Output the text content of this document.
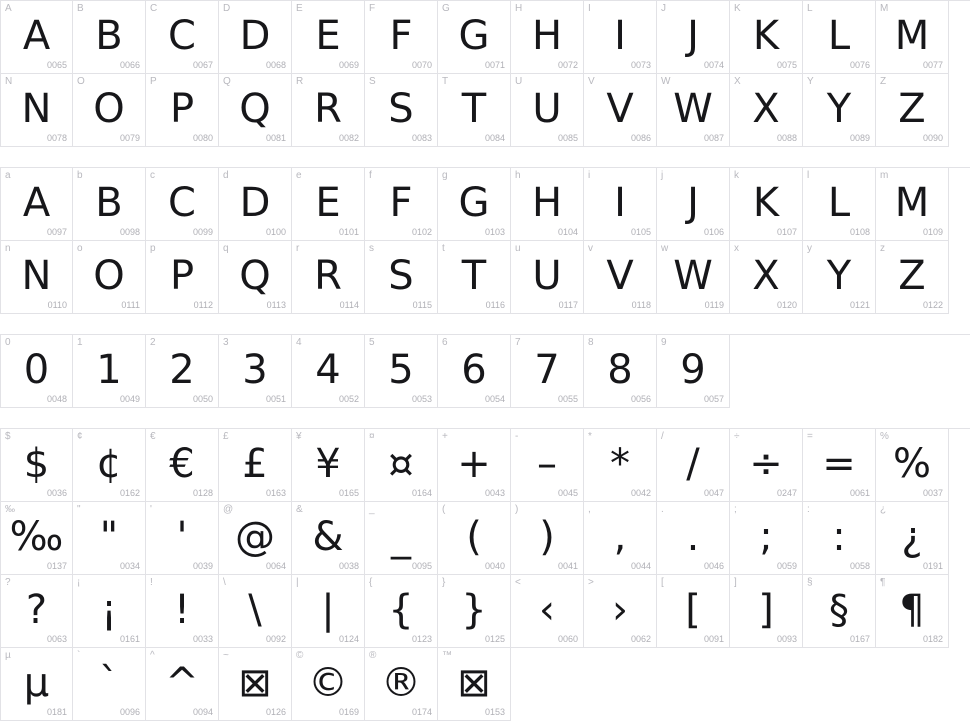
A
A
0065
B
B
0066
C
C
0067
D
D
0068
E
E
0069
F
F
0070
G
G
0071
H
H
0072
I
I
0073
J
J
0074
K
K
0075
L
L
0076
M
M
0077
N
N
0078
O
O
0079
P
P
0080
Q
Q
0081
R
R
0082
S
S
0083
T
T
0084
U
U
0085
V
V
0086
W
W
0087
X
X
0088
Y
Y
0089
Z
Z
0090
a
A
0097
b
B
0098
c
C
0099
d
D
0100
e
E
0101
f
F
0102
g
G
0103
h
H
0104
i
I
0105
j
J
0106
k
K
0107
l
L
0108
m
M
0109
n
N
0110
o
O
0111
p
P
0112
q
Q
0113
r
R
0114
s
S
0115
t
T
0116
u
U
0117
v
V
0118
w
W
0119
x
X
0120
y
Y
0121
z
Z
0122
0
0
0048
1
1
0049
2
2
0050
3
3
0051
4
4
0052
5
5
0053
6
6
0054
7
7
0055
8
8
0056
9
9
0057
$
$
0036
¢
¢
0162
€
€
0128
£
£
0163
¥
¥
0165
¤
¤
0164
+
+
0043
-
–
0045
*
*
0042
/
/
0047
÷
÷
0247
=
=
0061
%
%
0037
‰
‰
0137
"
"
0034
'
'
0039
@
@
0064
&
&
0038
_
_
0095
(
(
0040
)
)
0041
,
,
0044
.
.
0046
;
;
0059
:
:
0058
¿
¿
0191
?
?
0063
¡
¡
0161
!
!
0033
\
\
0092
|
|
0124
{
{
0123
}
}
0125
<
‹
0060
>
›
0062
[
[
0091
]
]
0093
§
§
0167
¶
¶
0182
µ
µ
0181
`
`
0096
^
^
0094
~
⊠
0126
©
©
0169
®
®
0174
™
⊠
0153
